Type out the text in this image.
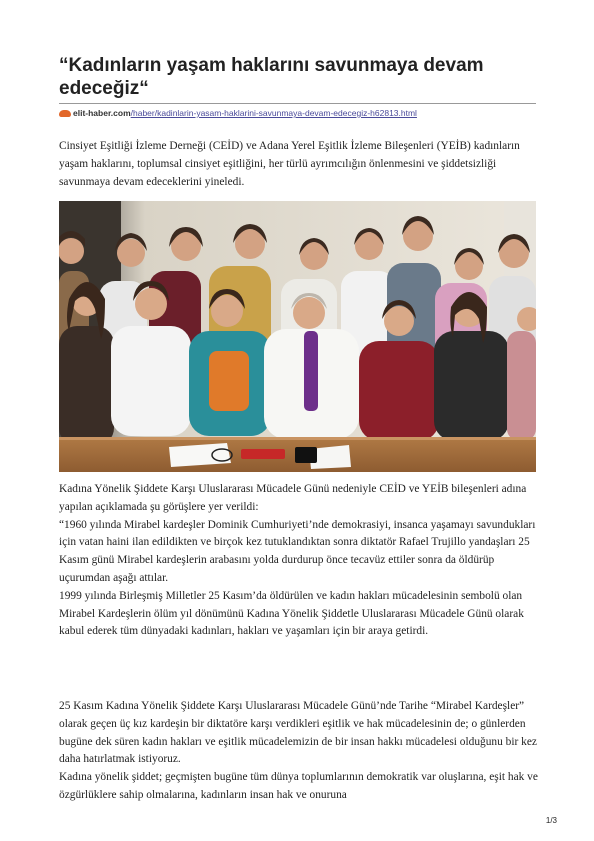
“Kadınların yaşam haklarını savunmaya devam edeceğiz“
elit-haber.com/haber/kadinlarin-yasam-haklarini-savunmaya-devam-edecegiz-h62813.html

Cinsiyet Eşitliği İzleme Derneği (CEİD) ve Adana Yerel Eşitlik İzleme Bileşenleri (YEİB) kadınların yaşam haklarını, toplumsal cinsiyet eşitliğini, her türlü ayrımcılığın önlenmesini ve şiddetsizliği savunmaya devam edeceklerini yineledi.

Kadına Yönelik Şiddete Karşı Uluslararası Mücadele Günü nedeniyle CEİD ve YEİB bileşenleri adına

yapılan açıklamada şu görüşlere yer verildi:

“1960 yılında Mirabel kardeşler Dominik Cumhuriyeti’nde demokrasiyi, insanca yaşamayı savundukları için vatan haini ilan edildikten ve birçok kez tutuklandıktan sonra diktatör Rafael Trujillo yandaşları 25 Kasım günü Mirabel kardeşlerin arabasını yolda durdurup önce tecavüz ettiler sonra da öldürüp uçurumdan aşağı attılar.

1999 yılında Birleşmiş Milletler 25 Kasım’da öldürülen ve kadın hakları mücadelesinin sembolü olan Mirabel Kardeşlerin ölüm yıl dönümünü Kadına Yönelik Şiddetle Uluslararası Mücadele Günü olarak kabul ederek tüm dünyadaki kadınları, hakları ve yaşamları için bir araya getirdi.

25 Kasım Kadına Yönelik Şiddete Karşı Uluslararası Mücadele Günü’nde Tarihe “Mirabel Kardeşler” olarak geçen üç kız kardeşin bir diktatöre karşı verdikleri eşitlik ve hak mücadelesinin de; o günlerden bugüne dek süren kadın hakları ve eşitlik mücadelemizin de bir insan hakkı mücadelesi olduğunu bir kez daha hatırlatmak istiyoruz.

Kadına yönelik şiddet; geçmişten bugüne tüm dünya toplumlarının demokratik var oluşlarına, eşit hak ve özgürlüklere sahip olmalarına, kadınların insan hak ve onuruna

1/3
